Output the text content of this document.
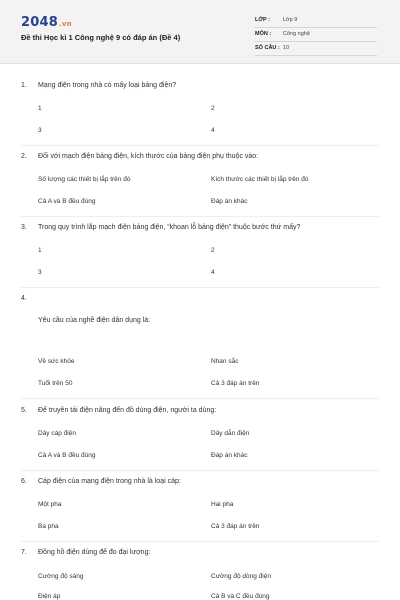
2048.vn
Đề thi Học kì 1 Công nghệ 9 có đáp án (Đề 4)
LỚP : Lớp 9
MÔN : Công nghệ
SỐ CÂU : 10
1. Mạng điện trong nhà có mấy loại bảng điện?
1	2
3	4
2. Đối với mạch điện bảng điện, kích thước của bảng điện phụ thuộc vào:
Số lượng các thiết bị lắp trên đó	Kích thước các thiết bị lắp trên đó
Cả A và B đều đúng	Đáp án khác
3. Trong quy trình lắp mạch điện bảng điện, “khoan lỗ bảng điện” thuộc bước thứ mấy?
1	2
3	4
4.
Yêu cầu của nghề điện dân dụng là:
Về sức khỏe	Nhan sắc
Tuổi trên 50	Cả 3 đáp án trên
5. Để truyền tải điện năng đến đồ dùng điện, người ta dùng:
Dây cáp điện	Dây dẫn điện
Cả A và B đều đúng	Đáp án khác
6. Cáp điện của mạng điện trong nhà là loại cáp:
Một pha	Hai pha
Ba pha	Cả 3 đáp án trên
7. Đồng hồ điện dùng để đo đại lượng:
Cường độ sáng	Cường độ dòng điện
Điện áp	Cả B và C đều đúng
